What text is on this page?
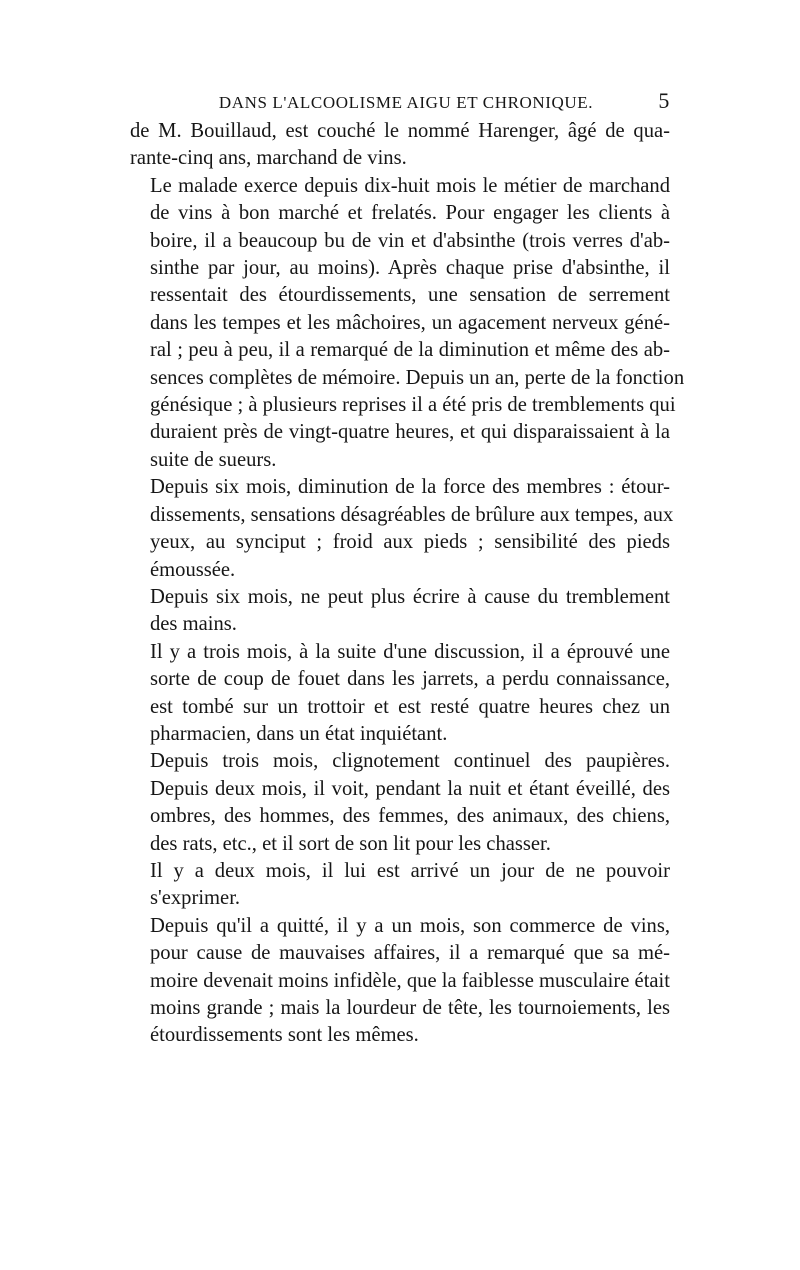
DANS L'ALCOOLISME AIGU ET CHRONIQUE.	5

de M. Bouillaud, est couché le nommé Harenger, âgé de qua-
rante-cinq ans, marchand de vins.

Le malade exerce depuis dix-huit mois le métier de marchand
de vins à bon marché et frelatés. Pour engager les clients à
boire, il a beaucoup bu de vin et d'absinthe (trois verres d'ab-
sinthe par jour, au moins). Après chaque prise d'absinthe, il
ressentait des étourdissements, une sensation de serrement
dans les tempes et les mâchoires, un agacement nerveux géné-
ral ; peu à peu, il a remarqué de la diminution et même des ab-
sences complètes de mémoire. Depuis un an, perte de la fonction
génésique ; à plusieurs reprises il a été pris de tremblements qui
duraient près de vingt-quatre heures, et qui disparaissaient à la
suite de sueurs.

Depuis six mois, diminution de la force des membres : étour-
dissements, sensations désagréables de brûlure aux tempes, aux
yeux, au synciput ; froid aux pieds ; sensibilité des pieds
émoussée.

Depuis six mois, ne peut plus écrire à cause du tremblement
des mains.

Il y a trois mois, à la suite d'une discussion, il a éprouvé une
sorte de coup de fouet dans les jarrets, a perdu connaissance,
est tombé sur un trottoir et est resté quatre heures chez un
pharmacien, dans un état inquiétant.

Depuis trois mois, clignotement continuel des paupières.
Depuis deux mois, il voit, pendant la nuit et étant éveillé, des
ombres, des hommes, des femmes, des animaux, des chiens,
des rats, etc., et il sort de son lit pour les chasser.

Il y a deux mois, il lui est arrivé un jour de ne pouvoir
s'exprimer.

Depuis qu'il a quitté, il y a un mois, son commerce de vins,
pour cause de mauvaises affaires, il a remarqué que sa mé-
moire devenait moins infidèle, que la faiblesse musculaire était
moins grande ; mais la lourdeur de tête, les tournoiements, les
étourdissements sont les mêmes.
